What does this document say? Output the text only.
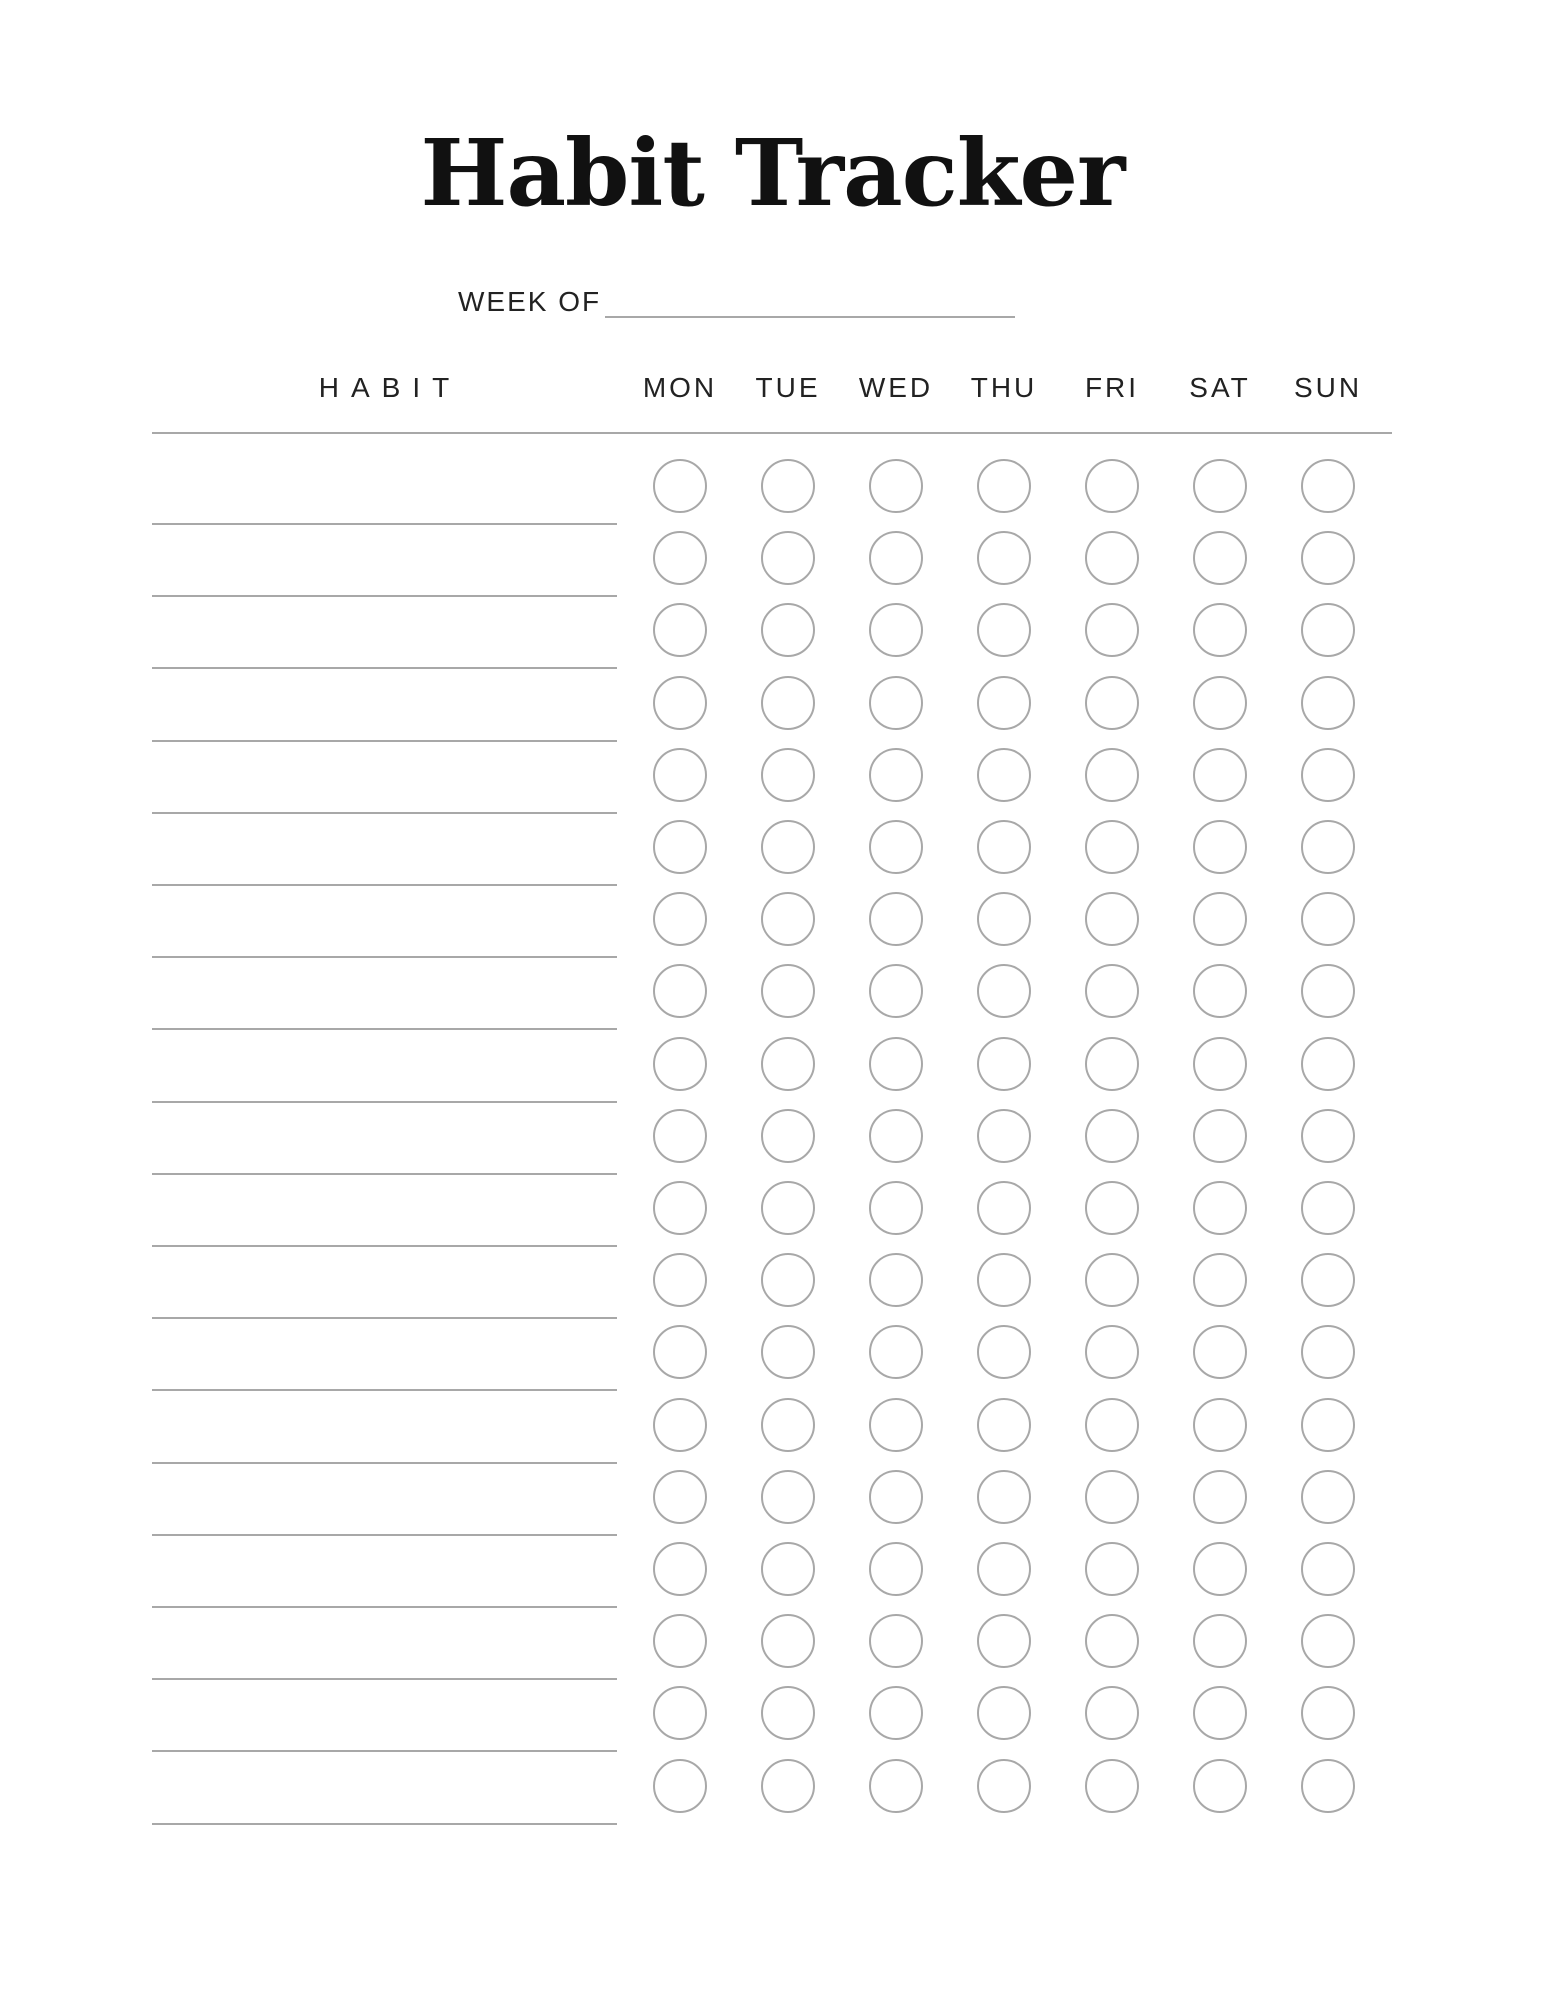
Habit Tracker
WEEK OF
HABIT	MON	TUE	WED	THU	FRI	SAT	SUN
